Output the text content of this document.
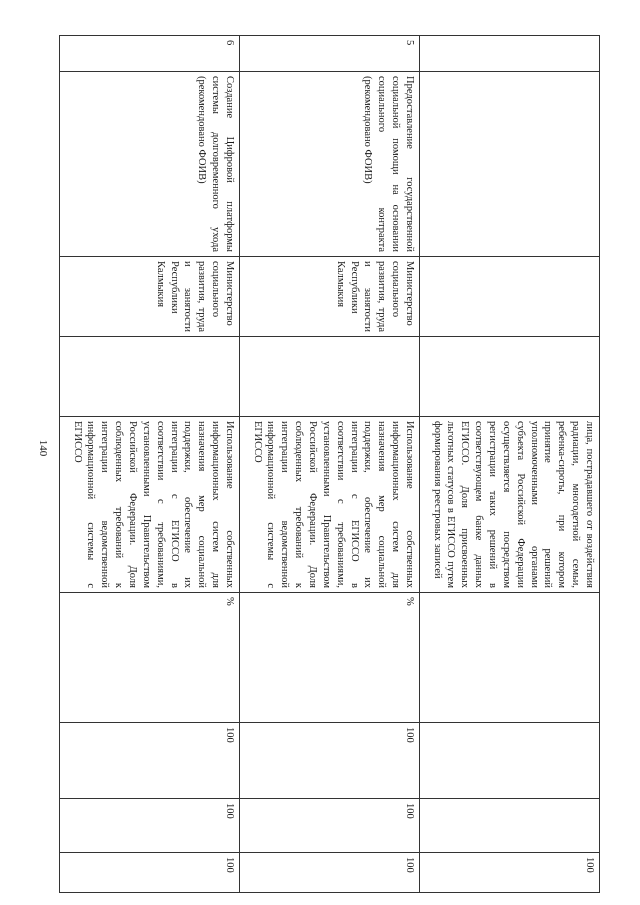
140
					лица, пострадавшего от воздействия радиации, многодетной семьи, ребенка-сироты, при котором принятие решений уполномоченными органами субъекта Российской Федерации осуществляется посредством регистрации таких решений в соответствующем банке данных ЕГИССО. Доля присвоенных льготных статусов в ЕГИССО путем формирования реестровых записей				100
5	Предоставление государственной социальной помощи на основании социального контракта (рекомендовано ФОИВ)	Министерство социального развития, труда и занятости Республики Калмыкия		Использование собственных информационных систем для назначения мер социальной поддержки, обеспечение их интеграции с ЕГИССО в соответствии с требованиями, установленными Правительством Российской Федерации. Доля соблюденных требований к интеграции ведомственной информационной системы с ЕГИССО	%	100	100	100
6	Создание Цифровой платформы системы долговременного ухода (рекомендовано ФОИВ)	Министерство социального развития, труда и занятости Республики Калмыкия		Использование собственных информационных систем для назначения мер социальной поддержки, обеспечение их интеграции с ЕГИССО в соответствии с требованиями, установленными Правительством Российской Федерации. Доля соблюденных требований к интеграции ведомственной информационной системы с ЕГИССО	%	100	100	100
